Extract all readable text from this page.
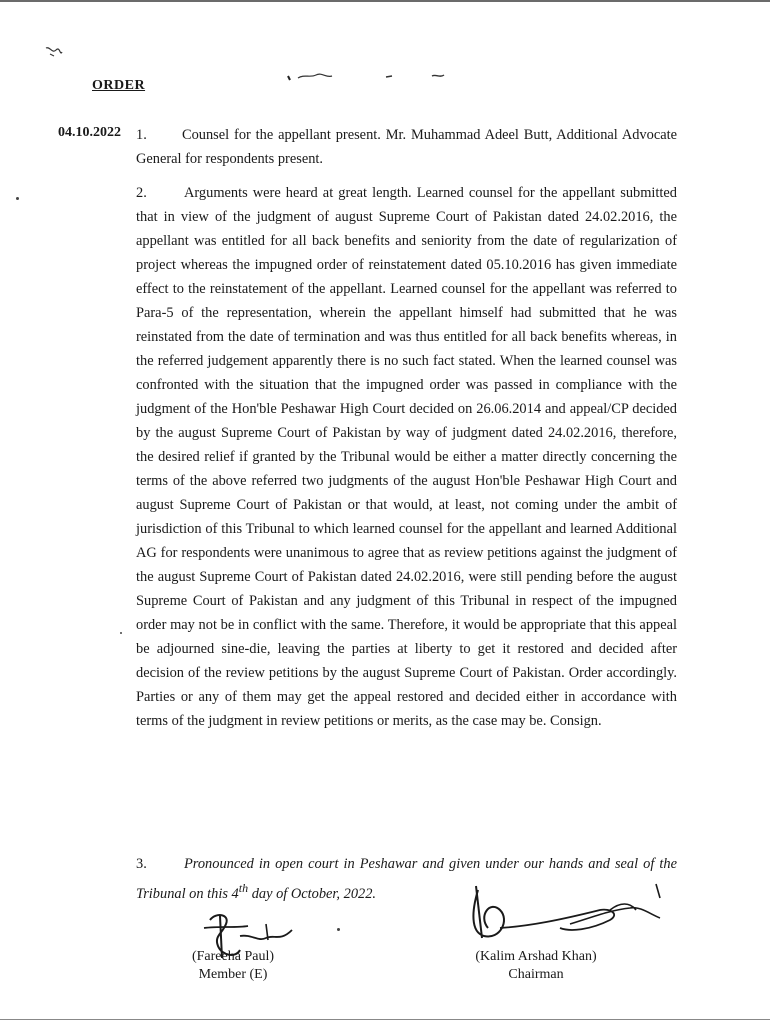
ORDER
04.10.2022 1. Counsel for the appellant present. Mr. Muhammad Adeel Butt, Additional Advocate General for respondents present.
2.	Arguments were heard at great length. Learned counsel for the appellant submitted that in view of the judgment of august Supreme Court of Pakistan dated 24.02.2016, the appellant was entitled for all back benefits and seniority from the date of regularization of project whereas the impugned order of reinstatement dated 05.10.2016 has given immediate effect to the reinstatement of the appellant. Learned counsel for the appellant was referred to Para-5 of the representation, wherein the appellant himself had submitted that he was reinstated from the date of termination and was thus entitled for all back benefits whereas, in the referred judgement apparently there is no such fact stated. When the learned counsel was confronted with the situation that the impugned order was passed in compliance with the judgment of the Hon'ble Peshawar High Court decided on 26.06.2014 and appeal/CP decided by the august Supreme Court of Pakistan by way of judgment dated 24.02.2016, therefore, the desired relief if granted by the Tribunal would be either a matter directly concerning the terms of the above referred two judgments of the august Hon'ble Peshawar High Court and august Supreme Court of Pakistan or that would, at least, not coming under the ambit of jurisdiction of this Tribunal to which learned counsel for the appellant and learned Additional AG for respondents were unanimous to agree that as review petitions against the judgment of the august Supreme Court of Pakistan dated 24.02.2016, were still pending before the august Supreme Court of Pakistan and any judgment of this Tribunal in respect of the impugned order may not be in conflict with the same. Therefore, it would be appropriate that this appeal be adjourned sine-die, leaving the parties at liberty to get it restored and decided after decision of the review petitions by the august Supreme Court of Pakistan. Order accordingly. Parties or any of them may get the appeal restored and decided either in accordance with terms of the judgment in review petitions or merits, as the case may be. Consign.
3.	Pronounced in open court in Peshawar and given under our hands and seal of the Tribunal on this 4th day of October, 2022.
(Fareeha Paul)
Member (E)
(Kalim Arshad Khan)
Chairman
